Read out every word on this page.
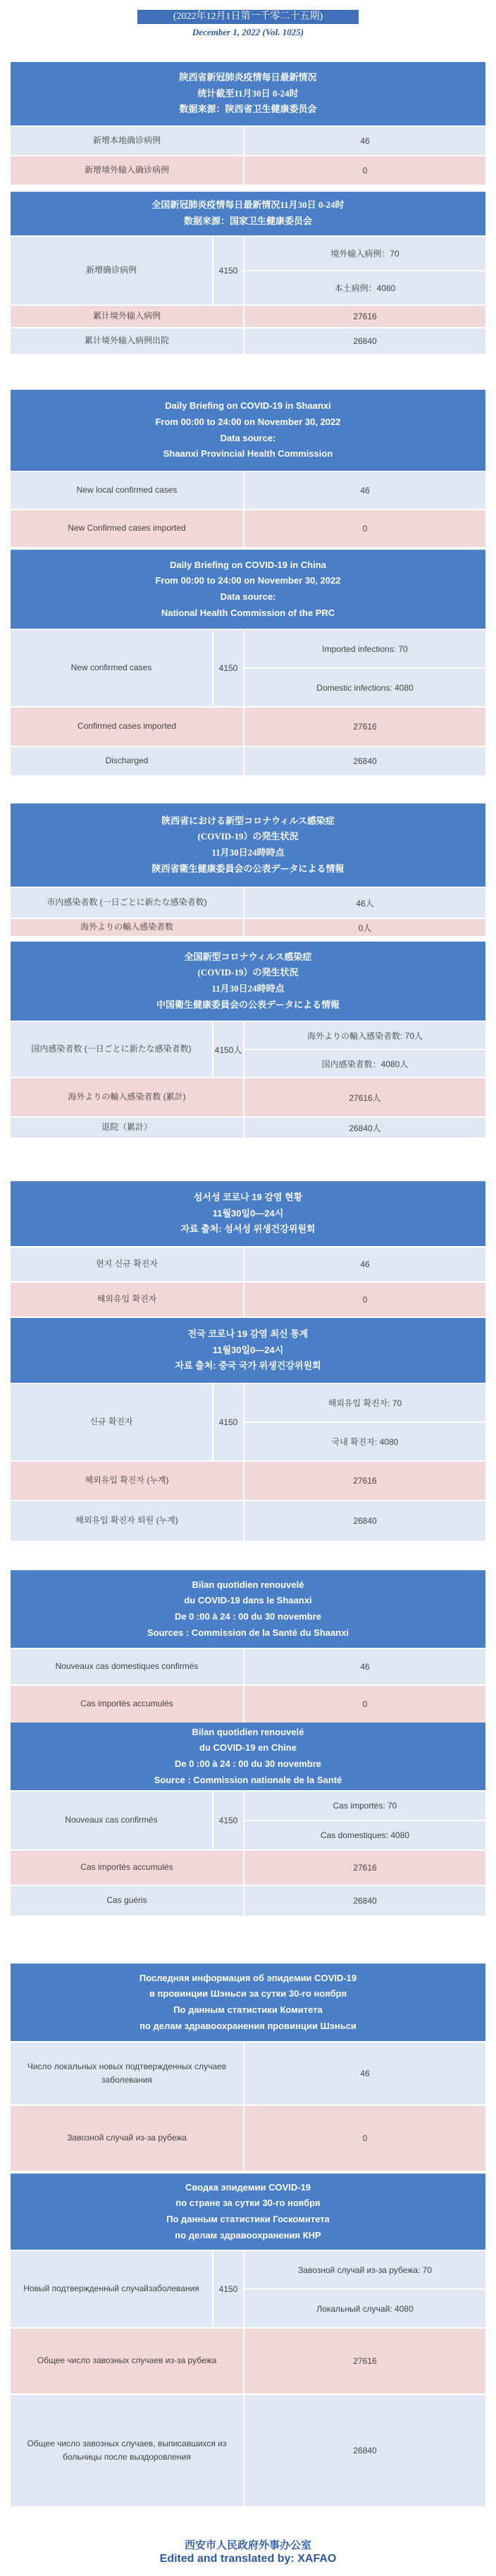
(2022年12月1日第一千零二十五期)
December 1, 2022 (Vol. 1025)
陕西省新冠肺炎疫情每日最新情况
统计截至11月30日 0-24时
数据来源：陕西省卫生健康委员会
新增本地确诊病例	46
新增境外输入确诊病例	0
全国新冠肺炎疫情每日最新情况11月30日 0-24时
数据来源：国家卫生健康委员会
新增确诊病例	4150
境外输入病例：70
本土病例：4080
累计境外输入病例	27616
累计境外输入病例出院	26840
Daily Briefing on COVID-19 in Shaanxi
From 00:00 to 24:00 on November 30, 2022
Data source:
Shaanxi Provincial Health Commission
New local confirmed cases	46
New Confirmed cases imported	0
Daily Briefing on COVID-19 in China
From 00:00 to 24:00 on November 30, 2022
Data source:
National Health Commission of the PRC
New confirmed cases	4150
Imported infections: 70
Domestic infections: 4080
Confirmed cases imported	27616
Discharged	26840
陝西省における新型コロナウィルス感染症
(COVID-19）の発生状況
11月30日24時時点
陝西省衛生健康委員会の公表データによる情報
市内感染者数 (一日ごとに新たな感染者数)	46人
海外よりの輸入感染者数	0人
全国新型コロナウィルス感染症
(COVID-19）の発生状況
11月30日24時時点
中国衛生健康委員会の公表データによる情報
国内感染者数 (一日ごとに新たな感染者数)	4150人
海外よりの輸入感染者数: 70人
国内感染者数：4080人
海外よりの輸入感染者数 (累計)	27616人
退院（累計）	26840人
섬서성 코로나 19 감염 현황
11월30일0—24시
자료 출처: 섬서성 위생건강위원회
현지 신규 확진자	46
해외유입 확진자	0
전국 코로나 19 감염 최신 통계
11월30일0—24시
자료 출처: 중국 국가 위생건강위원회
신규 확진자	4150
해외유입 확진자: 70
국내 확진자: 4080
해외유입 확진자 (누계)	27616
해외유입 확진자 퇴원 (누계)	26840
Bilan quotidien renouvelé
du COVID-19 dans le Shaanxi
De 0 :00 à 24 : 00 du 30 novembre
Sources : Commission de la Santé du Shaanxi
Nouveaux cas domestiques confirmés	46
Cas importés accumulés	0
Bilan quotidien renouvelé
du COVID-19 en Chine
De 0 :00 à 24 : 00 du 30 novembre
Source : Commission nationale de la Santé
Nouveaux cas confirmés	4150
Cas importés: 70
Cas domestiques: 4080
Cas importés accumulés	27616
Cas guéris	26840
Последняя информация об эпидемии COVID-19
в провинции Шэньси за сутки 30-го ноября
По данным статистики Комитета
по делам здравоохранения провинции Шэньси
Число локальных новых подтвержденных случаев заболевания
46
Завозной случай из-за рубежа	0
Сводка эпидемии COVID-19
по стране за сутки 30-го ноября
По данным статистики Госкомитета
по делам здравоохранения КНР
Новый подтвержденный случайзаболевания	4150
Завозной случай из-за рубежа: 70
Локальный случай: 4080
Общее число завозных случаев из-за рубежа	27616
Общее число завозных случаев, выписавшихся из больницы после выздоровления
26840
西安市人民政府外事办公室
Edited and translated by: XAFAO
